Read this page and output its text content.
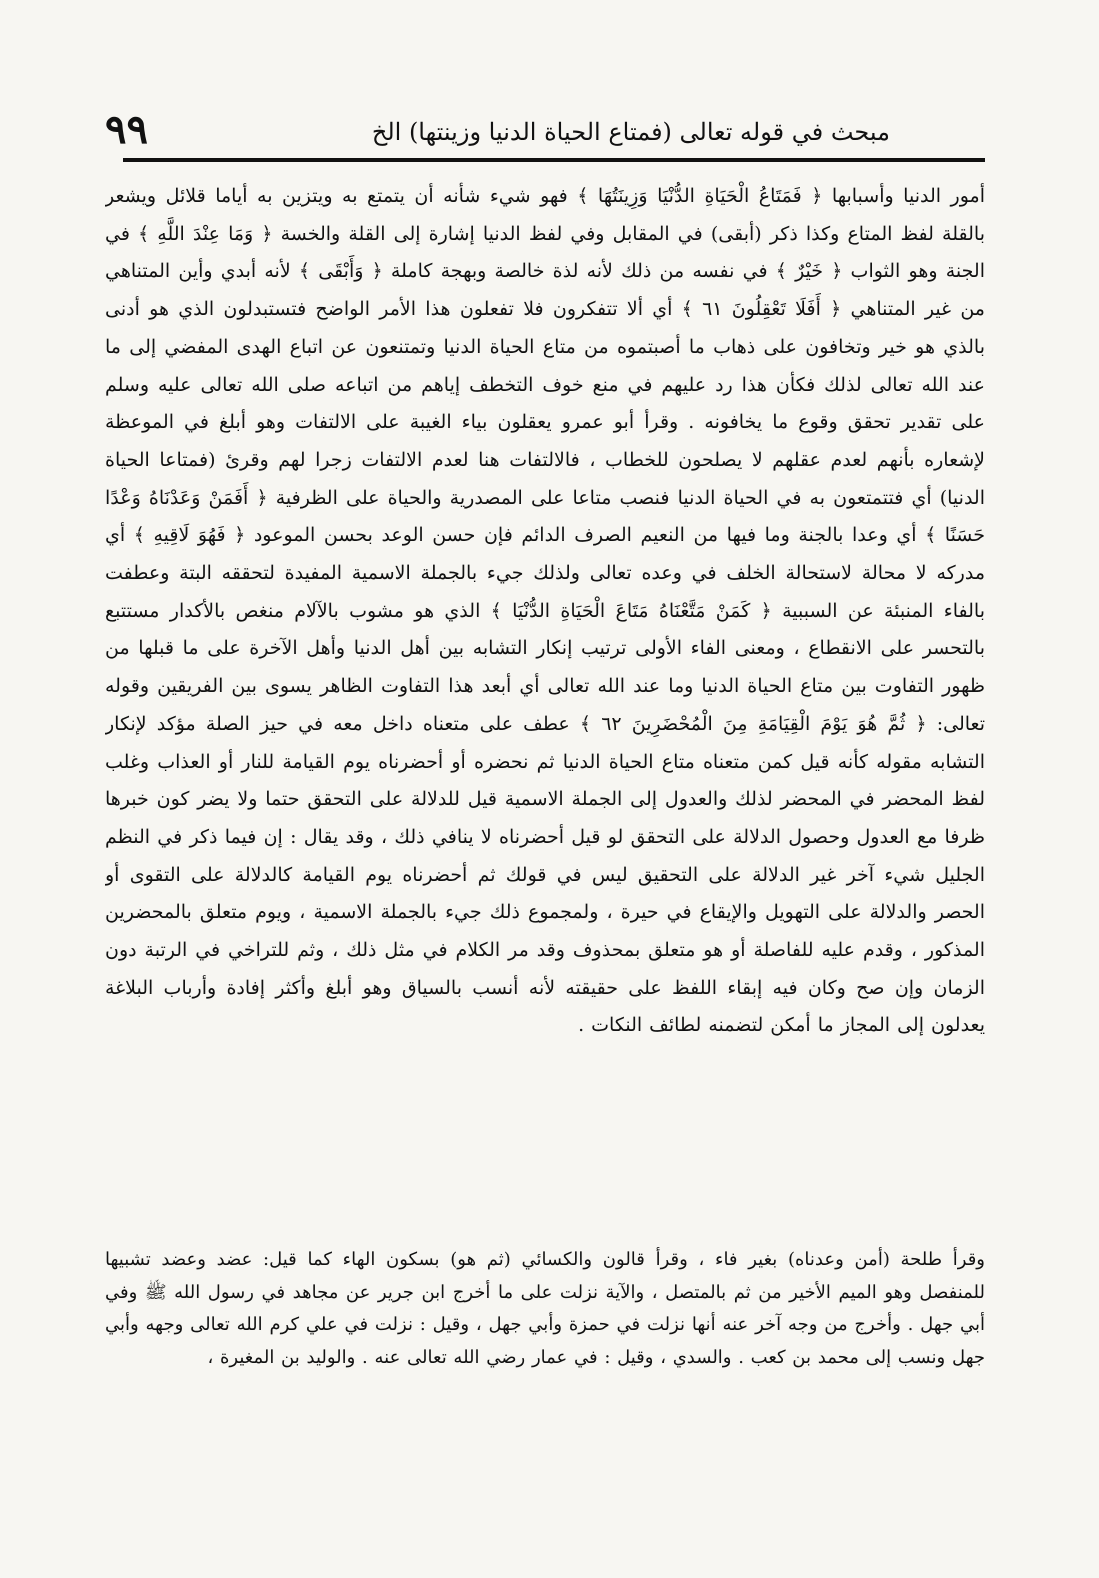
٩٩	مبحث في قوله تعالى (فمتاع الحياة الدنيا وزينتها) الخ

أمور الدنيا وأسبابها ﴿ فَمَتَاعُ الْحَيَاةِ الدُّنْيَا وَزِينَتُهَا ﴾ فهو شيء شأنه أن يتمتع به ويتزين به أياما قلائل ويشعر بالقلة لفظ المتاع وكذا ذكر (أبقى) في المقابل وفي لفظ الدنيا إشارة إلى القلة والخسة ﴿ وَمَا عِنْدَ اللَّهِ ﴾ في الجنة وهو الثواب ﴿ خَيْرٌ ﴾ في نفسه من ذلك لأنه لذة خالصة وبهجة كاملة ﴿ وَأَبْقَى ﴾ لأنه أبدي وأين المتناهي من غير المتناهي ﴿ أَفَلَا تَعْقِلُونَ ٦١ ﴾ أي ألا تتفكرون فلا تفعلون هذا الأمر الواضح فتستبدلون الذي هو أدنى بالذي هو خير وتخافون على ذهاب ما أصبتموه من متاع الحياة الدنيا وتمتنعون عن اتباع الهدى المفضي إلى ما عند الله تعالى لذلك فكأن هذا رد عليهم في منع خوف التخطف إياهم من اتباعه صلى الله تعالى عليه وسلم على تقدير تحقق وقوع ما يخافونه . وقرأ أبو عمرو يعقلون بياء الغيبة على الالتفات وهو أبلغ في الموعظة لإشعاره بأنهم لعدم عقلهم لا يصلحون للخطاب ، فالالتفات هنا لعدم الالتفات زجرا لهم وقرئ (فمتاعا الحياة الدنيا) أي فتتمتعون به في الحياة الدنيا فنصب متاعا على المصدرية والحياة على الظرفية ﴿ أَفَمَنْ وَعَدْنَاهُ وَعْدًا حَسَنًا ﴾ أي وعدا بالجنة وما فيها من النعيم الصرف الدائم فإن حسن الوعد بحسن الموعود ﴿ فَهُوَ لَاقِيهِ ﴾ أي مدركه لا محالة لاستحالة الخلف في وعده تعالى ولذلك جيء بالجملة الاسمية المفيدة لتحققه البتة وعطفت بالفاء المنبئة عن السببية ﴿ كَمَنْ مَتَّعْنَاهُ مَتَاعَ الْحَيَاةِ الدُّنْيَا ﴾ الذي هو مشوب بالآلام منغص بالأكدار مستتبع بالتحسر على الانقطاع ، ومعنى الفاء الأولى ترتيب إنكار التشابه بين أهل الدنيا وأهل الآخرة على ما قبلها من ظهور التفاوت بين متاع الحياة الدنيا وما عند الله تعالى أي أبعد هذا التفاوت الظاهر يسوى بين الفريقين وقوله تعالى: ﴿ ثُمَّ هُوَ يَوْمَ الْقِيَامَةِ مِنَ الْمُحْضَرِينَ ٦٢ ﴾ عطف على متعناه داخل معه في حيز الصلة مؤكد لإنكار التشابه مقوله كأنه قيل كمن متعناه متاع الحياة الدنيا ثم نحضره أو أحضرناه يوم القيامة للنار أو العذاب وغلب لفظ المحضر في المحضر لذلك والعدول إلى الجملة الاسمية قيل للدلالة على التحقق حتما ولا يضر كون خبرها ظرفا مع العدول وحصول الدلالة على التحقق لو قيل أحضرناه لا ينافي ذلك ، وقد يقال : إن فيما ذكر في النظم الجليل شيء آخر غير الدلالة على التحقيق ليس في قولك ثم أحضرناه يوم القيامة كالدلالة على التقوى أو الحصر والدلالة على التهويل والإيقاع في حيرة ، ولمجموع ذلك جيء بالجملة الاسمية ، ويوم متعلق بالمحضرين المذكور ، وقدم عليه للفاصلة أو هو متعلق بمحذوف وقد مر الكلام في مثل ذلك ، وثم للتراخي في الرتبة دون الزمان وإن صح وكان فيه إبقاء اللفظ على حقيقته لأنه أنسب بالسياق وهو أبلغ وأكثر إفادة وأرباب البلاغة يعدلون إلى المجاز ما أمكن لتضمنه لطائف النكات .

وقرأ طلحة (أمن وعدناه) بغير فاء ، وقرأ قالون والكسائي (ثم هو) بسكون الهاء كما قيل: عضد وعضد تشبيها للمنفصل وهو الميم الأخير من ثم بالمتصل ، والآية نزلت على ما أخرج ابن جرير عن مجاهد في رسول الله ﷺ وفي أبي جهل . وأخرج من وجه آخر عنه أنها نزلت في حمزة وأبي جهل ، وقيل : نزلت في علي كرم الله تعالى وجهه وأبي جهل ونسب إلى محمد بن كعب . والسدي ، وقيل : في عمار رضي الله تعالى عنه . والوليد بن المغيرة ،
